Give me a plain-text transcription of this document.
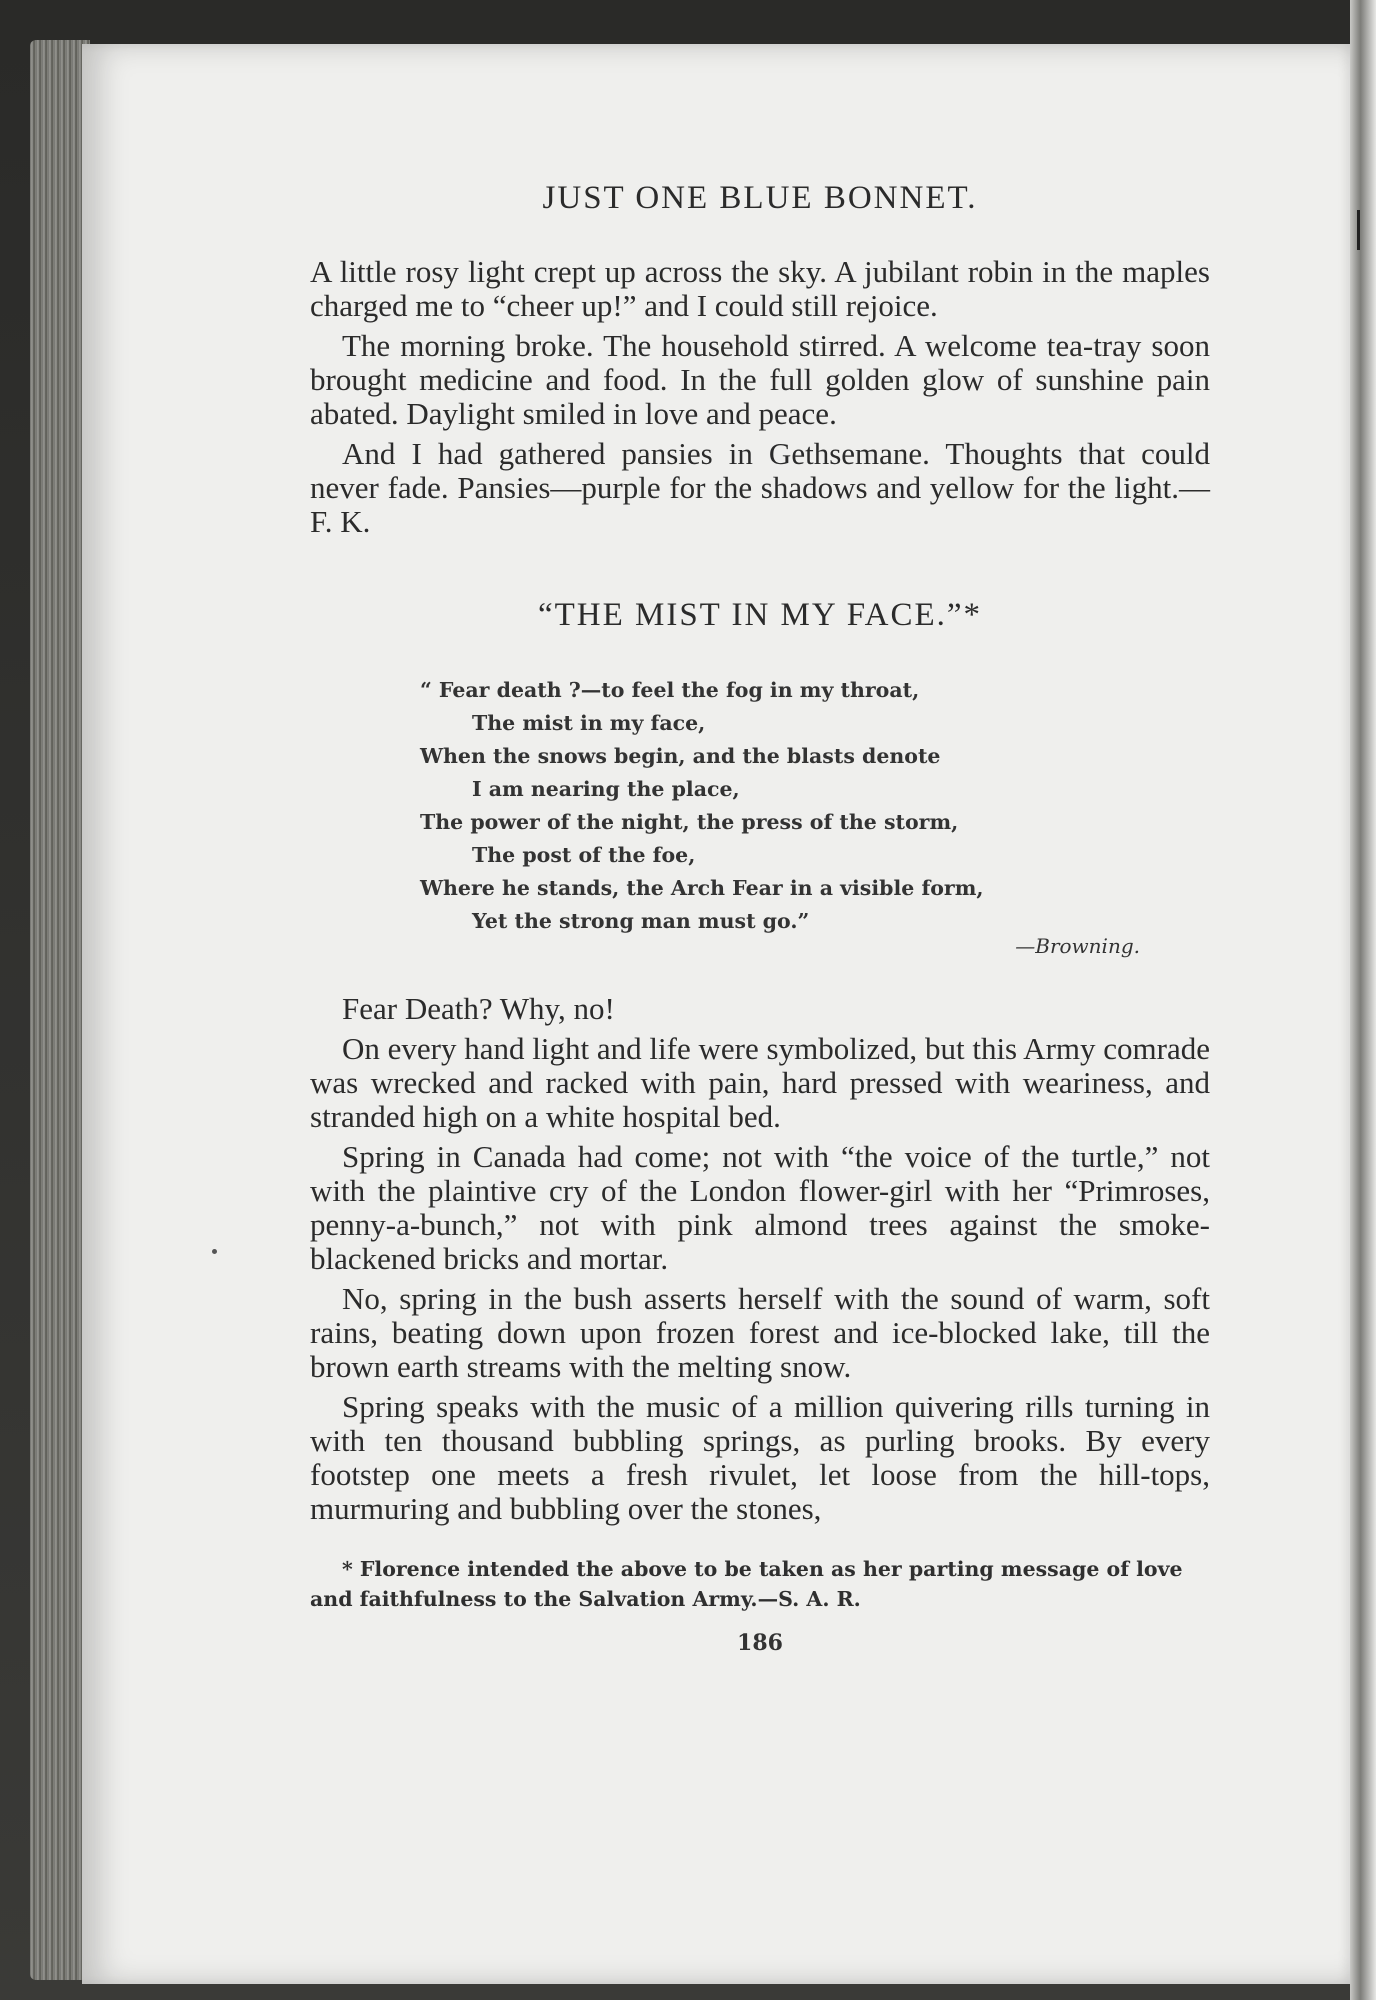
JUST ONE BLUE BONNET.

A little rosy light crept up across the sky. A jubilant robin in the maples charged me to “cheer up!” and I could still rejoice.

The morning broke. The household stirred. A welcome tea-tray soon brought medicine and food. In the full golden glow of sunshine pain abated. Daylight smiled in love and peace.

And I had gathered pansies in Gethsemane. Thoughts that could never fade. Pansies—purple for the shadows and yellow for the light.—F. K.

“THE MIST IN MY FACE.”*
“ Fear death ?—to feel the fog in my throat,
The mist in my face,
When the snows begin, and the blasts denote
I am nearing the place,
The power of the night, the press of the storm,
The post of the foe,
Where he stands, the Arch Fear in a visible form,
Yet the strong man must go.”
—Browning.

Fear Death? Why, no!

On every hand light and life were symbolized, but this Army comrade was wrecked and racked with pain, hard pressed with weariness, and stranded high on a white hospital bed.

Spring in Canada had come; not with “the voice of the turtle,” not with the plaintive cry of the London flower-girl with her “Primroses, penny-a-bunch,” not with pink almond trees against the smoke-blackened bricks and mortar.

No, spring in the bush asserts herself with the sound of warm, soft rains, beating down upon frozen forest and ice-blocked lake, till the brown earth streams with the melting snow.

Spring speaks with the music of a million quivering rills turning in with ten thousand bubbling springs, as purling brooks. By every footstep one meets a fresh rivulet, let loose from the hill-tops, murmuring and bubbling over the stones,

* Florence intended the above to be taken as her parting message of love and faithfulness to the Salvation Army.—S. A. R.
186
